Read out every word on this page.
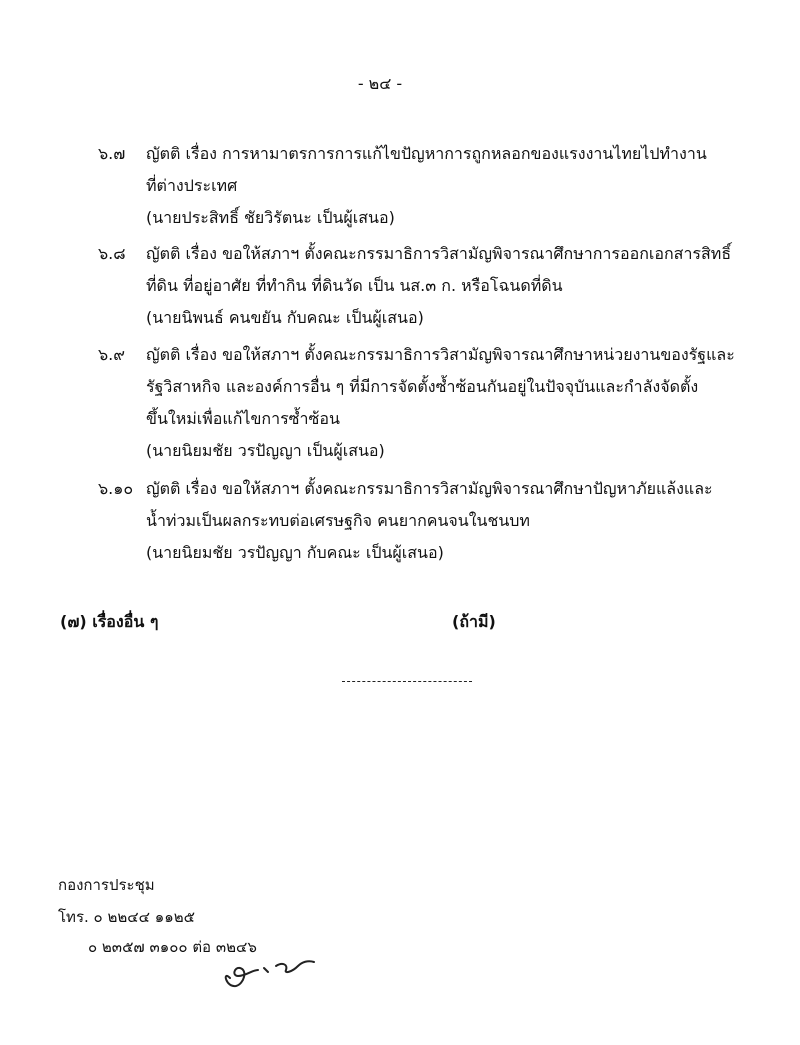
- ๒๔ -
๖.๗ ญัตติ เรื่อง การหามาตรการการแก้ไขปัญหาการถูกหลอกของแรงงานไทยไปทำงาน
ที่ต่างประเทศ
(นายประสิทธิ์ ชัยวิรัตนะ เป็นผู้เสนอ)
๖.๘ ญัตติ เรื่อง ขอให้สภาฯ ตั้งคณะกรรมาธิการวิสามัญพิจารณาศึกษาการออกเอกสารสิทธิ์
ที่ดิน ที่อยู่อาศัย ที่ทำกิน ที่ดินวัด เป็น นส.๓ ก. หรือโฉนดที่ดิน
(นายนิพนธ์ คนขยัน กับคณะ เป็นผู้เสนอ)
๖.๙ ญัตติ เรื่อง ขอให้สภาฯ ตั้งคณะกรรมาธิการวิสามัญพิจารณาศึกษาหน่วยงานของรัฐและ
รัฐวิสาหกิจ และองค์การอื่น ๆ ที่มีการจัดตั้งซ้ำซ้อนกันอยู่ในปัจจุบันและกำลังจัดตั้ง
ขึ้นใหม่เพื่อแก้ไขการซ้ำซ้อน
(นายนิยมชัย วรปัญญา เป็นผู้เสนอ)
๖.๑๐ ญัตติ เรื่อง ขอให้สภาฯ ตั้งคณะกรรมาธิการวิสามัญพิจารณาศึกษาปัญหาภัยแล้งและ
น้ำท่วมเป็นผลกระทบต่อเศรษฐกิจ คนยากคนจนในชนบท
(นายนิยมชัย วรปัญญา กับคณะ เป็นผู้เสนอ)
(๗) เรื่องอื่น ๆ	(ถ้ามี)
กองการประชุม
โทร. ๐ ๒๒๔๔ ๑๑๒๕
๐ ๒๓๕๗ ๓๑๐๐ ต่อ ๓๒๔๖
